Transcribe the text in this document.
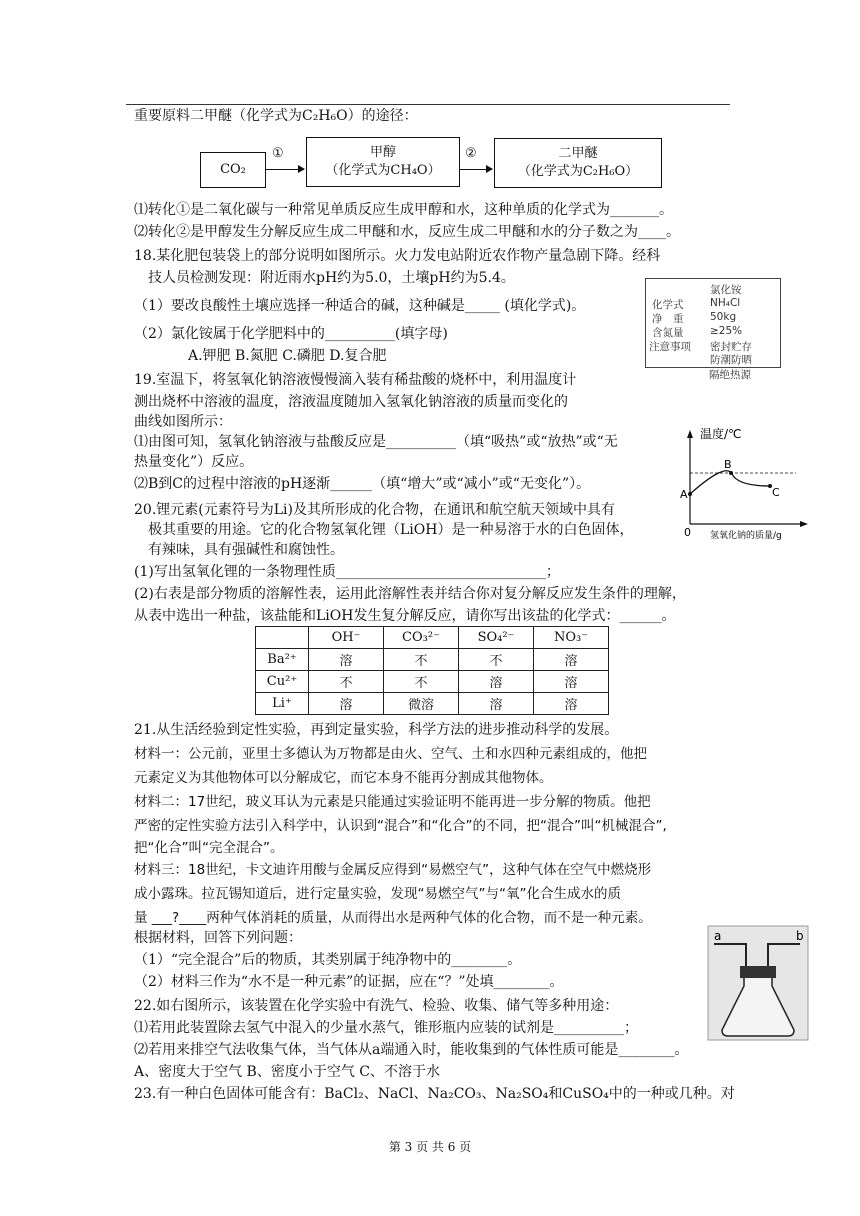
重要原料二甲醚（化学式为C₂H₆O）的途径：
CO₂
①	甲醇
（化学式为CH₄O）
②	二甲醚
（化学式为C₂H₆O）
⑴转化①是二氧化碳与一种常见单质反应生成甲醇和水，这种单质的化学式为_______。
⑵转化②是甲醇发生分解反应生成二甲醚和水，反应生成二甲醚和水的分子数之为____。
18.某化肥包装袋上的部分说明如图所示。火力发电站附近农作物产量急剧下降。经科
技人员检测发现：附近雨水pH约为5.0，土壤pH约为5.4。
（1）要改良酸性土壤应选择一种适合的碱，这种碱是_____ (填化学式)。
（2）氯化铵属于化学肥料中的__________(填字母)
A.钾肥 B.氮肥 C.磷肥 D.复合肥
氯化铵
化学式	NH₄Cl
净　重	50kg
含氮量	≥25%
注意事项 密封贮存
防潮防晒
隔绝热源
19.室温下，将氢氧化钠溶液慢慢滴入装有稀盐酸的烧杯中，利用温度计
测出烧杯中溶液的温度，溶液温度随加入氢氧化钠溶液的质量而变化的
曲线如图所示：
⑴由图可知，氢氧化钠溶液与盐酸反应是__________（填“吸热”或“放热”或“无
热量变化”）反应。
⑵B到C的过程中溶液的pH逐渐______（填“增大”或“减小”或“无变化”）。
温度/℃
B
A	C
0 氢氧化钠的质量/g
20.锂元素(元素符号为Li)及其所形成的化合物，在通讯和航空航天领域中具有
极其重要的用途。它的化合物氢氧化锂（LiOH）是一种易溶于水的白色固体，
有辣味，具有强碱性和腐蚀性。
(1)写出氢氧化锂的一条物理性质______________________________；
(2)右表是部分物质的溶解性表，运用此溶解性表并结合你对复分解反应发生条件的理解，
从表中选出一种盐，该盐能和LiOH发生复分解反应，请你写出该盐的化学式：______。
	OH⁻	CO₃²⁻	SO₄²⁻	NO₃⁻
Ba²⁺	溶	不	不	溶
Cu²⁺	不	不	溶	溶
Li⁺	溶	微溶	溶	溶
21.从生活经验到定性实验，再到定量实验，科学方法的进步推动科学的发展。
材料一：公元前，亚里士多德认为万物都是由火、空气、土和水四种元素组成的，他把
元素定义为其他物体可以分解成它，而它本身不能再分割成其他物体。
材料二：17世纪，玻义耳认为元素是只能通过实验证明不能再进一步分解的物质。他把
严密的定性实验方法引入科学中，认识到“混合”和“化合”的不同，把“混合”叫“机械混合”,
把“化合”叫“完全混合”。
材料三：18世纪，卡文迪许用酸与金属反应得到“易燃空气”，这种气体在空气中燃烧形
成小露珠。拉瓦锡知道后，进行定量实验，发现“易燃空气”与“氧”化合生成水的质
量 ___?____两种气体消耗的质量，从而得出水是两种气体的化合物，而不是一种元素。
根据材料，回答下列问题：
（1）“完全混合”后的物质，其类别属于纯净物中的________。
（2）材料三作为“水不是一种元素”的证据，应在“？”处填________。
a	b
22.如右图所示，该装置在化学实验中有洗气、检验、收集、储气等多种用途：
⑴若用此装置除去氢气中混入的少量水蒸气，锥形瓶内应装的试剂是__________；
⑵若用来排空气法收集气体，当气体从a端通入时，能收集到的气体性质可能是________。
A、密度大于空气 B、密度小于空气 C、不溶于水
23.有一种白色固体可能含有：BaCl₂、NaCl、Na₂CO₃、Na₂SO₄和CuSO₄中的一种或几种。对
第 3 页 共 6 页
